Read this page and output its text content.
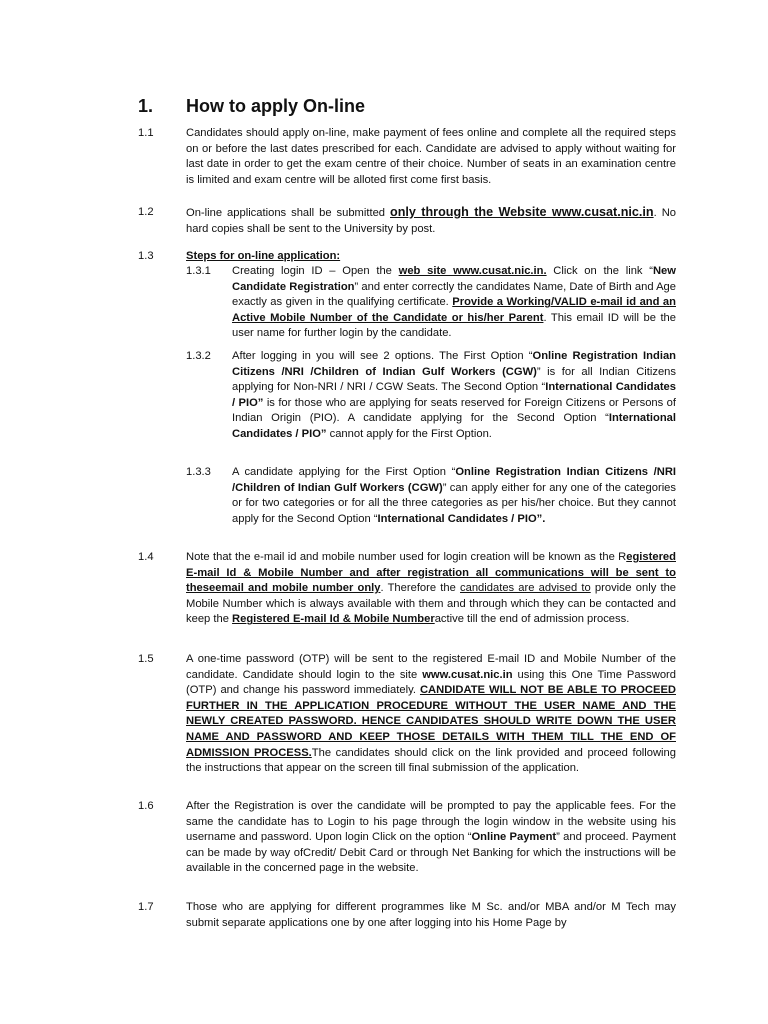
1.	How to apply On-line
1.1	Candidates should apply on-line, make payment of fees online and complete all the required steps on or before the last dates prescribed for each. Candidate are advised to apply without waiting for last date in order to get the exam centre of their choice. Number of seats in an examination centre is limited and exam centre will be alloted first come first basis.
1.2	On-line applications shall be submitted only through the Website www.cusat.nic.in. No hard copies shall be sent to the University by post.
1.3	Steps for on-line application:
1.3.1	Creating login ID – Open the web site www.cusat.nic.in. Click on the link “New Candidate Registration” and enter correctly the candidates Name, Date of Birth and Age exactly as given in the qualifying certificate. Provide a Working/VALID e-mail id and an Active Mobile Number of the Candidate or his/her Parent. This email ID will be the user name for further login by the candidate.
1.3.2	After logging in you will see 2 options. The First Option “Online Registration Indian Citizens /NRI /Children of Indian Gulf Workers (CGW)” is for all Indian Citizens applying for Non-NRI / NRI / CGW Seats. The Second Option “International Candidates / PIO” is for those who are applying for seats reserved for Foreign Citizens or Persons of Indian Origin (PIO). A candidate applying for the Second Option “International Candidates / PIO” cannot apply for the First Option.
1.3.3	A candidate applying for the First Option “Online Registration Indian Citizens /NRI /Children of Indian Gulf Workers (CGW)” can apply either for any one of the categories or for two categories or for all the three categories as per his/her choice. But they cannot apply for the Second Option “International Candidates / PIO”.
1.4	Note that the e-mail id and mobile number used for login creation will be known as the Registered E-mail Id & Mobile Number and after registration all communications will be sent to theseemail and mobile number only. Therefore the candidates are advised to provide only the Mobile Number which is always available with them and through which they can be contacted and keep the Registered E-mail Id & Mobile Numberactive till the end of admission process.
1.5	A one-time password (OTP) will be sent to the registered E-mail ID and Mobile Number of the candidate. Candidate should login to the site www.cusat.nic.in using this One Time Password (OTP) and change his password immediately. CANDIDATE WILL NOT BE ABLE TO PROCEED FURTHER IN THE APPLICATION PROCEDURE WITHOUT THE USER NAME AND THE NEWLY CREATED PASSWORD. HENCE CANDIDATES SHOULD WRITE DOWN THE USER NAME AND PASSWORD AND KEEP THOSE DETAILS WITH THEM TILL THE END OF ADMISSION PROCESS.The candidates should click on the link provided and proceed following the instructions that appear on the screen till final submission of the application.
1.6	After the Registration is over the candidate will be prompted to pay the applicable fees. For the same the candidate has to Login to his page through the login window in the website using his username and password. Upon login Click on the option “Online Payment” and proceed. Payment can be made by way ofCredit/ Debit Card or through Net Banking for which the instructions will be available in the concerned page in the website.
1.7	Those who are applying for different programmes like M Sc. and/or MBA and/or M Tech may submit separate applications one by one after logging into his Home Page by
